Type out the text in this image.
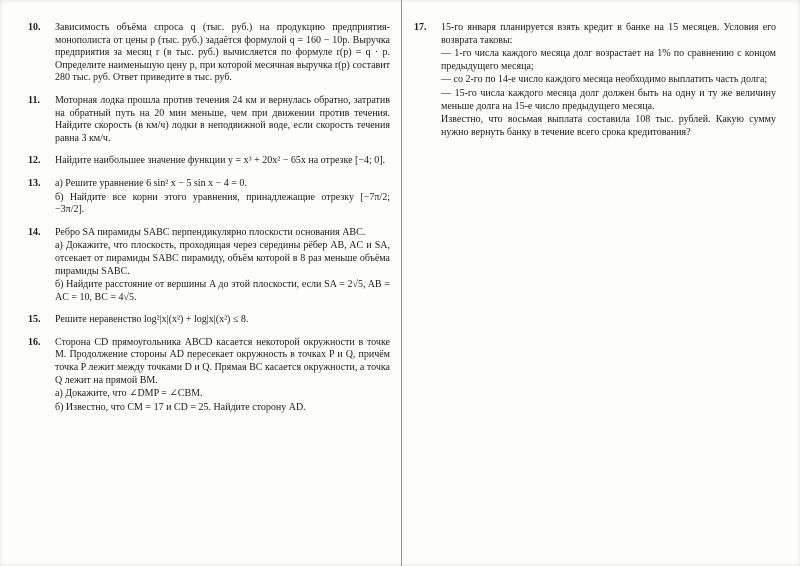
10.	Зависимость объёма спроса q (тыс. руб.) на продукцию предприятия-монополиста от цены p (тыс. руб.) задаётся формулой q = 160 − 10p. Выручка предприятия за месяц r (в тыс. руб.) вычисляется по формуле r(p) = q · p. Определите наименьшую цену p, при которой месячная выручка r(p) составит 280 тыс. руб. Ответ приведите в тыс. руб.

11.	Моторная лодка прошла против течения 24 км и вернулась обратно, затратив на обратный путь на 20 мин меньше, чем при движении против течения. Найдите скорость (в км/ч) лодки в неподвижной воде, если скорость течения равна 3 км/ч.

12.	Найдите наибольшее значение функции y = x³ + 20x² − 65x на отрезке [−4; 0].

13.	а) Решите уравнение 6 sin² x − 5 sin x − 4 = 0.

б) Найдите все корни этого уравнения, принадлежащие отрезку [−7π/2; −3π/2].

14.	Ребро SA пирамиды SABC перпендикулярно плоскости основания ABC.

а) Докажите, что плоскость, проходящая через середины рёбер AB, AC и SA, отсекает от пирамиды SABC пирамиду, объём которой в 8 раз меньше объёма пирамиды SABC.

б) Найдите расстояние от вершины A до этой плоскости, если SA = 2√5, AB = AC = 10, BC = 4√5.

15.	Решите неравенство log²|x|(x²) + log|x|(x²) ≤ 8.

16.	Сторона CD прямоугольника ABCD касается некоторой окружности в точке M. Продолжение стороны AD пересекает окружность в точках P и Q, причём точка P лежит между точками D и Q. Прямая BC касается окружности, а точка Q лежит на прямой BM.

а) Докажите, что ∠DMP = ∠CBM.

б) Известно, что CM = 17 и CD = 25. Найдите сторону AD.

17.	15-го января планируется взять кредит в банке на 15 месяцев. Условия его возврата таковы:

— 1-го числа каждого месяца долг возрастает на 1% по сравнению с концом предыдущего месяца;

— со 2-го по 14-е число каждого месяца необходимо выплатить часть долга;

— 15-го числа каждого месяца долг должен быть на одну и ту же величину меньше долга на 15-е число предыдущего месяца.

Известно, что восьмая выплата составила 108 тыс. рублей. Какую сумму нужно вернуть банку в течение всего срока кредитования?
